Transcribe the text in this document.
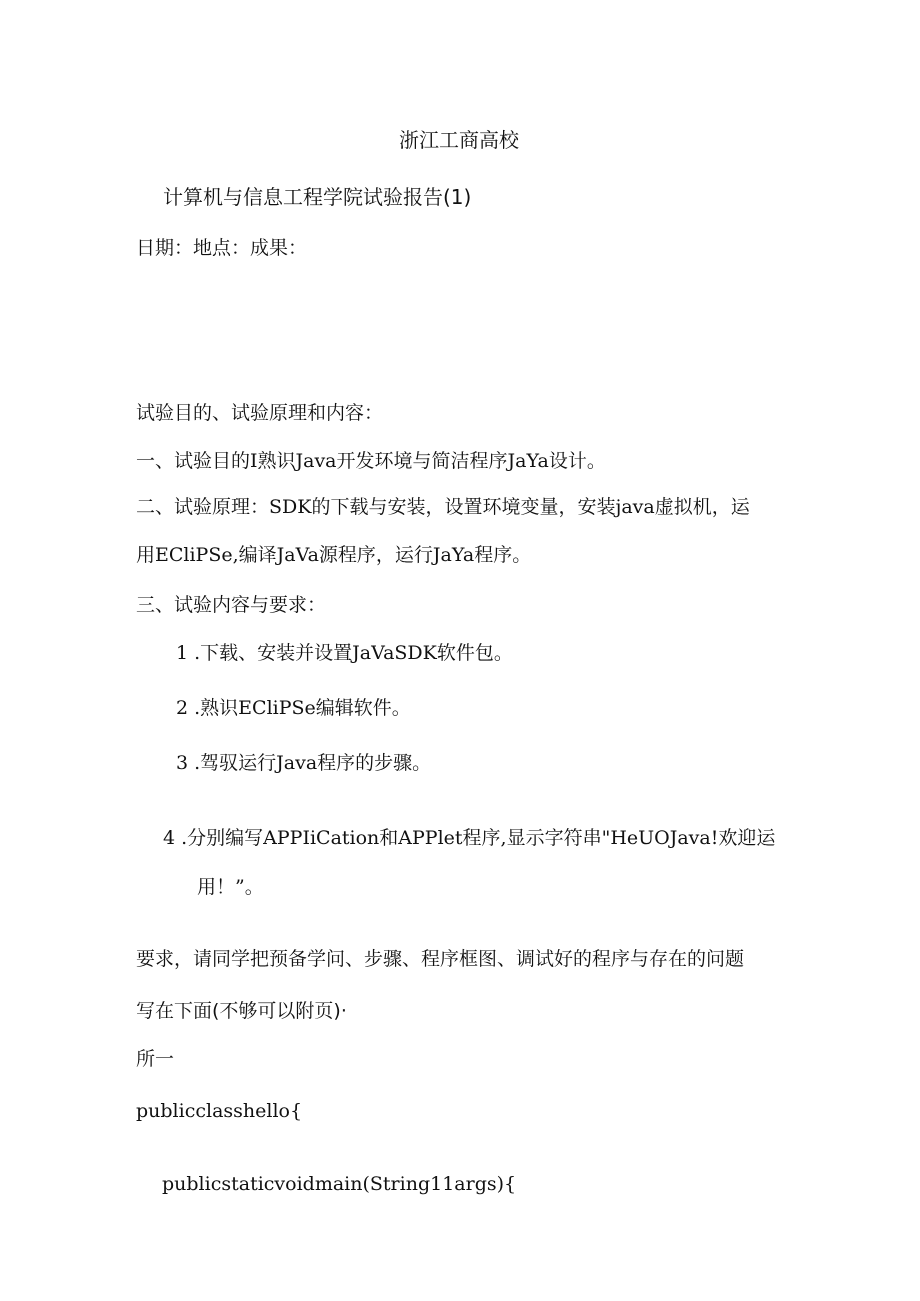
浙江工商高校
计算机与信息工程学院试验报告(1)
日期：地点：成果：
试验目的、试验原理和内容：
一、试验目的I熟识Java开发环境与简洁程序JaYa设计。
二、试验原理：SDK的下载与安装，设置环境变量，安装java虚拟机，运
用ECliPSe,编译JaVa源程序，运行JaYa程序。
三、试验内容与要求：
1 .下载、安装并设置JaVaSDK软件包。
2 .熟识ECliPSe编辑软件。
3 .驾驭运行Java程序的步骤。
4 .分别编写APPIiCation和APPlet程序,显示字符串"HeUOJava!欢迎运
用！”。
要求，请同学把预备学问、步骤、程序框图、调试好的程序与存在的问题
写在下面(不够可以附页)·
所一
publicclasshello{
publicstaticvoidmain(String11args){
